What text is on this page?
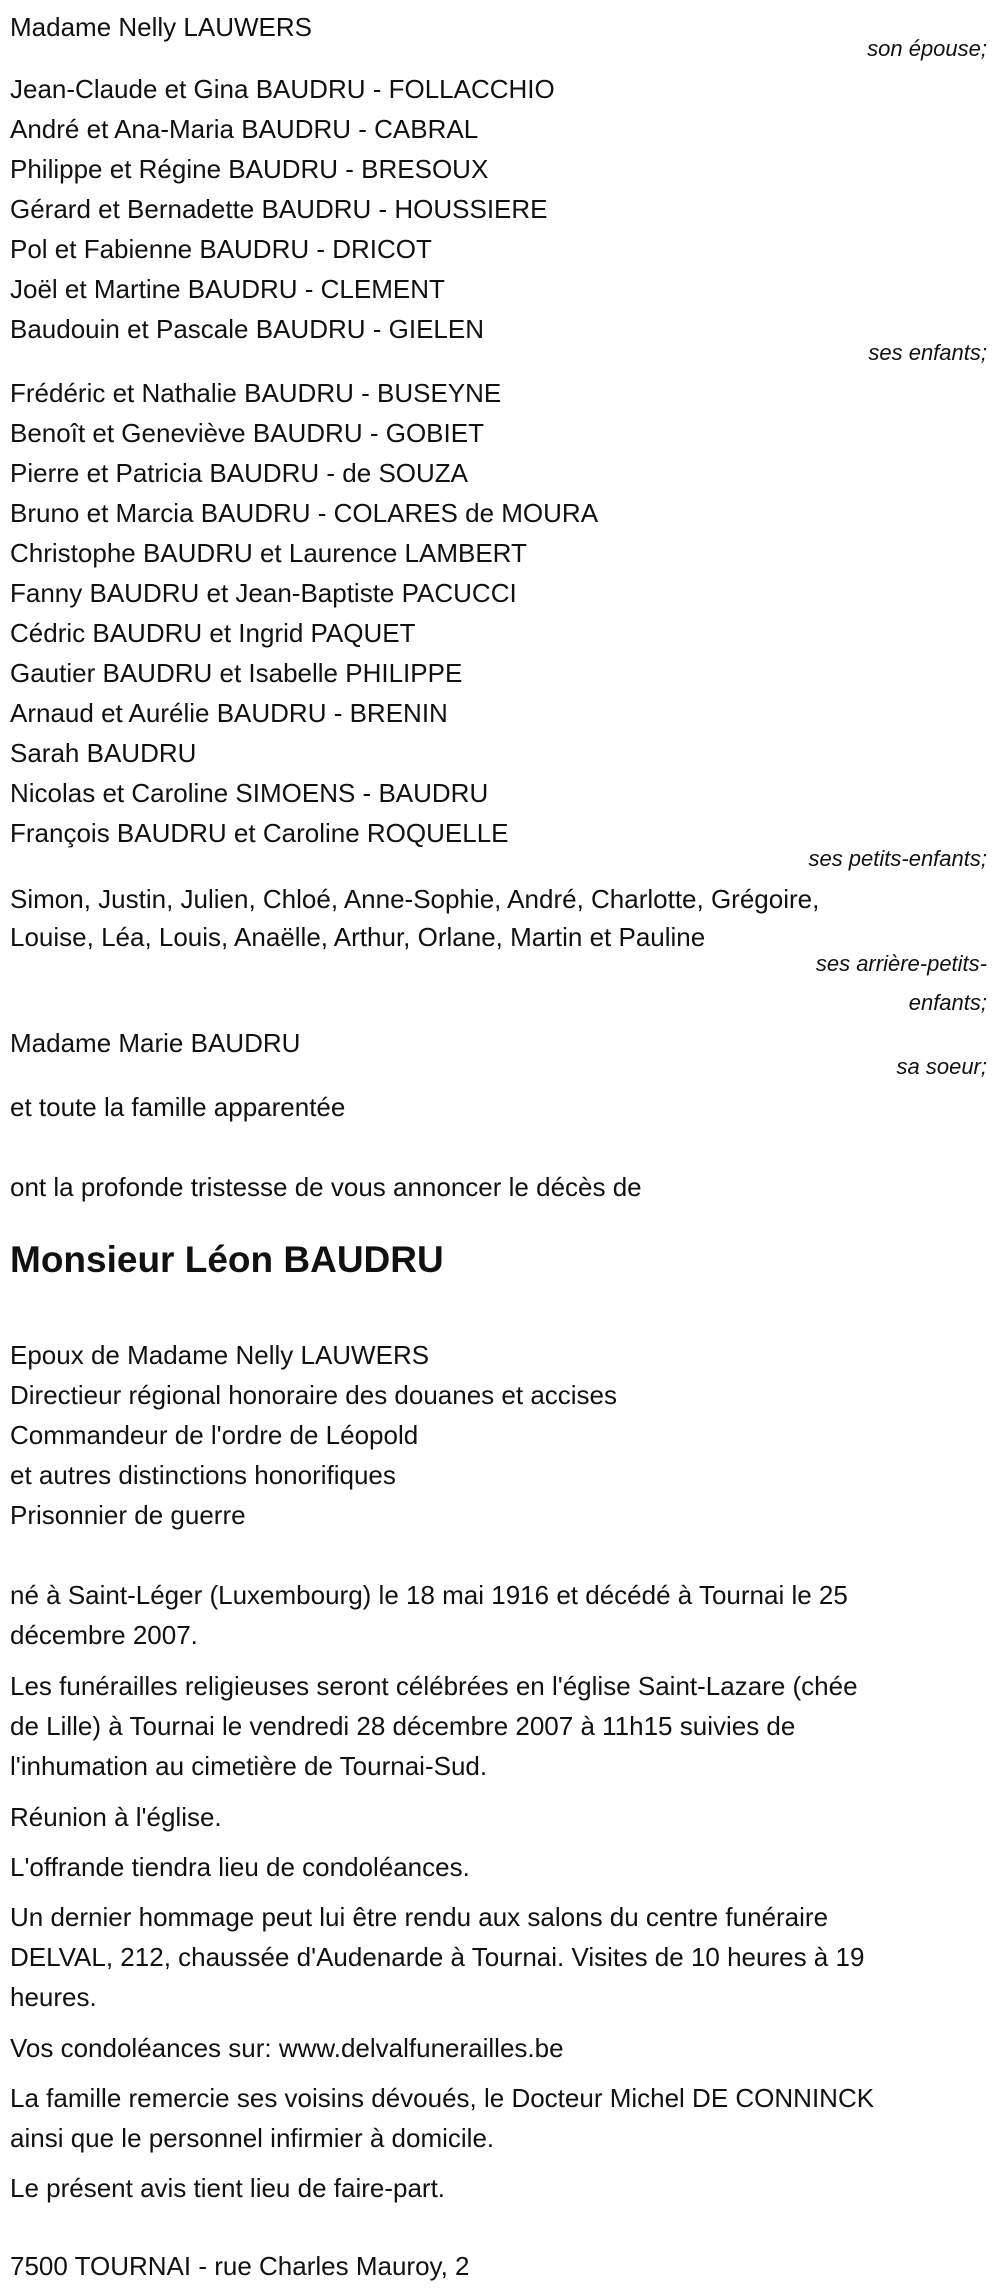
Madame Nelly LAUWERS
son épouse;
Jean-Claude et Gina BAUDRU - FOLLACCHIO
André et Ana-Maria BAUDRU - CABRAL
Philippe et Régine BAUDRU - BRESOUX
Gérard et Bernadette BAUDRU - HOUSSIERE
Pol et Fabienne BAUDRU - DRICOT
Joël et Martine BAUDRU - CLEMENT
Baudouin et Pascale BAUDRU - GIELEN
ses enfants;
Frédéric et Nathalie BAUDRU - BUSEYNE
Benoît et Geneviève BAUDRU - GOBIET
Pierre et Patricia BAUDRU - de SOUZA
Bruno et Marcia BAUDRU - COLARES de MOURA
Christophe BAUDRU et Laurence LAMBERT
Fanny BAUDRU et Jean-Baptiste PACUCCI
Cédric BAUDRU et Ingrid PAQUET
Gautier BAUDRU et Isabelle PHILIPPE
Arnaud et Aurélie BAUDRU - BRENIN
Sarah BAUDRU
Nicolas et Caroline SIMOENS - BAUDRU
François BAUDRU et Caroline ROQUELLE
ses petits-enfants;
Simon, Justin, Julien, Chloé, Anne-Sophie, André, Charlotte, Grégoire,
Louise, Léa, Louis, Anaëlle, Arthur, Orlane, Martin et Pauline
ses arrière-petits-
enfants;
Madame Marie BAUDRU
sa soeur;
et toute la famille apparentée
ont la profonde tristesse de vous annoncer le décès de
Monsieur Léon BAUDRU
Epoux de Madame Nelly LAUWERS
Directieur régional honoraire des douanes et accises
Commandeur de l'ordre de Léopold
et autres distinctions honorifiques
Prisonnier de guerre
né à Saint-Léger (Luxembourg) le 18 mai 1916 et décédé à Tournai le 25
décembre 2007.
Les funérailles religieuses seront célébrées en l'église Saint-Lazare (chée
de Lille) à Tournai le vendredi 28 décembre 2007 à 11h15 suivies de
l'inhumation au cimetière de Tournai-Sud.
Réunion à l'église.
L'offrande tiendra lieu de condoléances.
Un dernier hommage peut lui être rendu aux salons du centre funéraire
DELVAL, 212, chaussée d'Audenarde à Tournai. Visites de 10 heures à 19
heures.
Vos condoléances sur: www.delvalfunerailles.be
La famille remercie ses voisins dévoués, le Docteur Michel DE CONNINCK
ainsi que le personnel infirmier à domicile.
Le présent avis tient lieu de faire-part.
7500 TOURNAI - rue Charles Mauroy, 2
